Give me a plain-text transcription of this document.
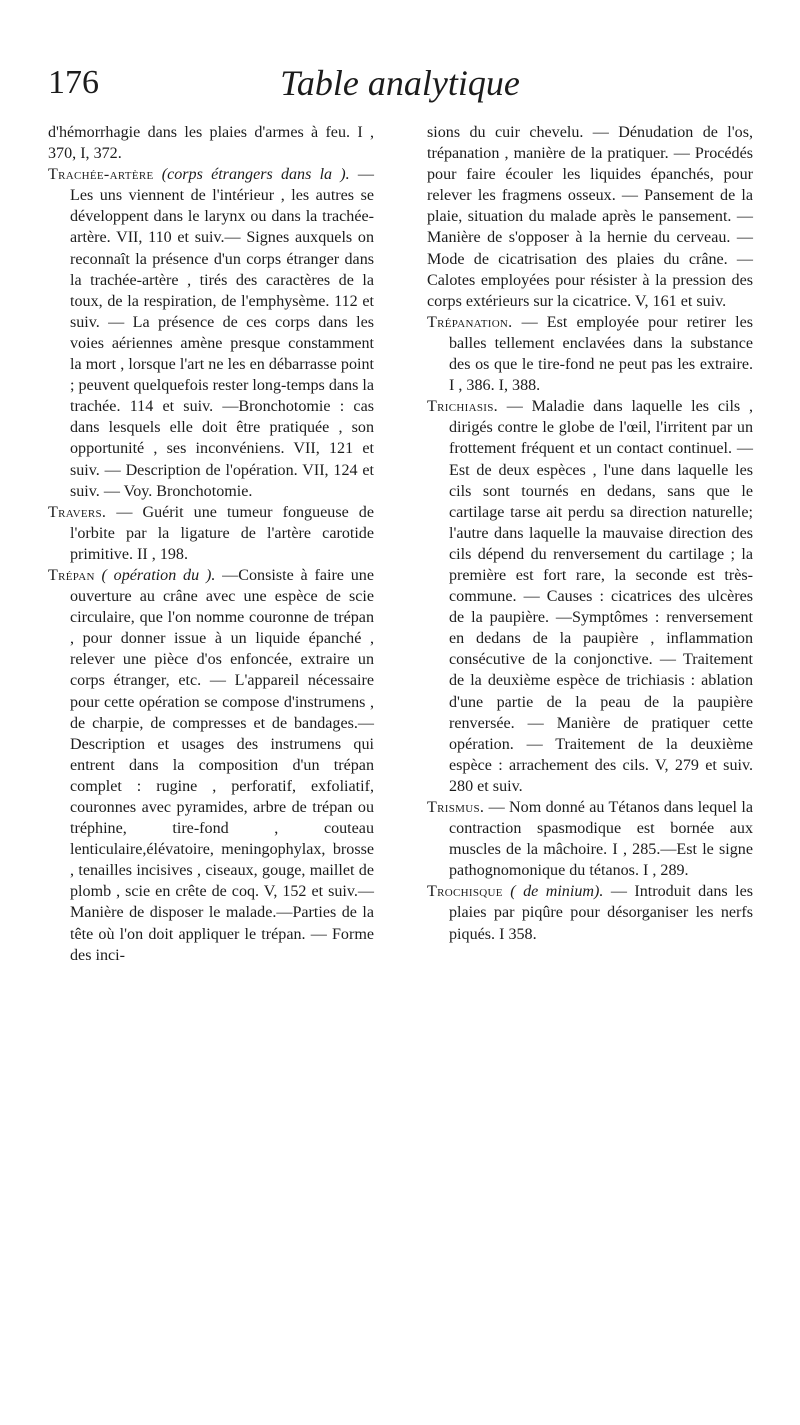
176	Table analytique

d'hémorrhagie dans les plaies d'armes à feu. I , 370, I, 372.

Trachée-artère (corps étrangers dans la ). — Les uns viennent de l'intérieur , les autres se développent dans le larynx ou dans la trachée-artère. VII, 110 et suiv.— Signes auxquels on reconnaît la présence d'un corps étranger dans la trachée-artère , tirés des caractères de la toux, de la respiration, de l'emphysème. 112 et suiv. — La présence de ces corps dans les voies aériennes amène presque constamment la mort , lorsque l'art ne les en débarrasse point ; peuvent quelquefois rester long-temps dans la trachée. 114 et suiv. —Bronchotomie : cas dans lesquels elle doit être pratiquée , son opportunité , ses inconvéniens. VII, 121 et suiv. — Description de l'opération. VII, 124 et suiv. — Voy. Bronchotomie.

Travers. — Guérit une tumeur fongueuse de l'orbite par la ligature de l'artère carotide primitive. II , 198.

Trépan ( opération du ). —Consiste à faire une ouverture au crâne avec une espèce de scie circulaire, que l'on nomme couronne de trépan , pour donner issue à un liquide épanché , relever une pièce d'os enfoncée, extraire un corps étranger, etc. — L'appareil nécessaire pour cette opération se compose d'instrumens , de charpie, de compresses et de bandages.— Description et usages des instrumens qui entrent dans la composition d'un trépan complet : rugine , perforatif, exfoliatif, couronnes avec pyramides, arbre de trépan ou tréphine, tire-fond , couteau lenticulaire,élévatoire, meningophylax, brosse , tenailles incisives , ciseaux, gouge, maillet de plomb , scie en crête de coq. V, 152 et suiv.—Manière de disposer le malade.—Parties de la tête où l'on doit appliquer le trépan. — Forme des inci-

sions du cuir chevelu. — Dénudation de l'os, trépanation , manière de la pratiquer. — Procédés pour faire écouler les liquides épanchés, pour relever les fragmens osseux. — Pansement de la plaie, situation du malade après le pansement. — Manière de s'opposer à la hernie du cerveau. — Mode de cicatrisation des plaies du crâne. — Calotes employées pour résister à la pression des corps extérieurs sur la cicatrice. V, 161 et suiv.

Trépanation. — Est employée pour retirer les balles tellement enclavées dans la substance des os que le tire-fond ne peut pas les extraire. I , 386. I, 388.

Trichiasis. — Maladie dans laquelle les cils , dirigés contre le globe de l'œil, l'irritent par un frottement fréquent et un contact continuel. — Est de deux espèces , l'une dans laquelle les cils sont tournés en dedans, sans que le cartilage tarse ait perdu sa direction naturelle; l'autre dans laquelle la mauvaise direction des cils dépend du renversement du cartilage ; la première est fort rare, la seconde est très-commune. — Causes : cicatrices des ulcères de la paupière. —Symptômes : renversement en dedans de la paupière , inflammation consécutive de la conjonctive. — Traitement de la deuxième espèce de trichiasis : ablation d'une partie de la peau de la paupière renversée. — Manière de pratiquer cette opération. — Traitement de la deuxième espèce : arrachement des cils. V, 279 et suiv. 280 et suiv.

Trismus. — Nom donné au Tétanos dans lequel la contraction spasmodique est bornée aux muscles de la mâchoire. I , 285.—Est le signe pathognomonique du tétanos. I , 289.

Trochisque ( de minium). — Introduit dans les plaies par piqûre pour désorganiser les nerfs piqués. I 358.
